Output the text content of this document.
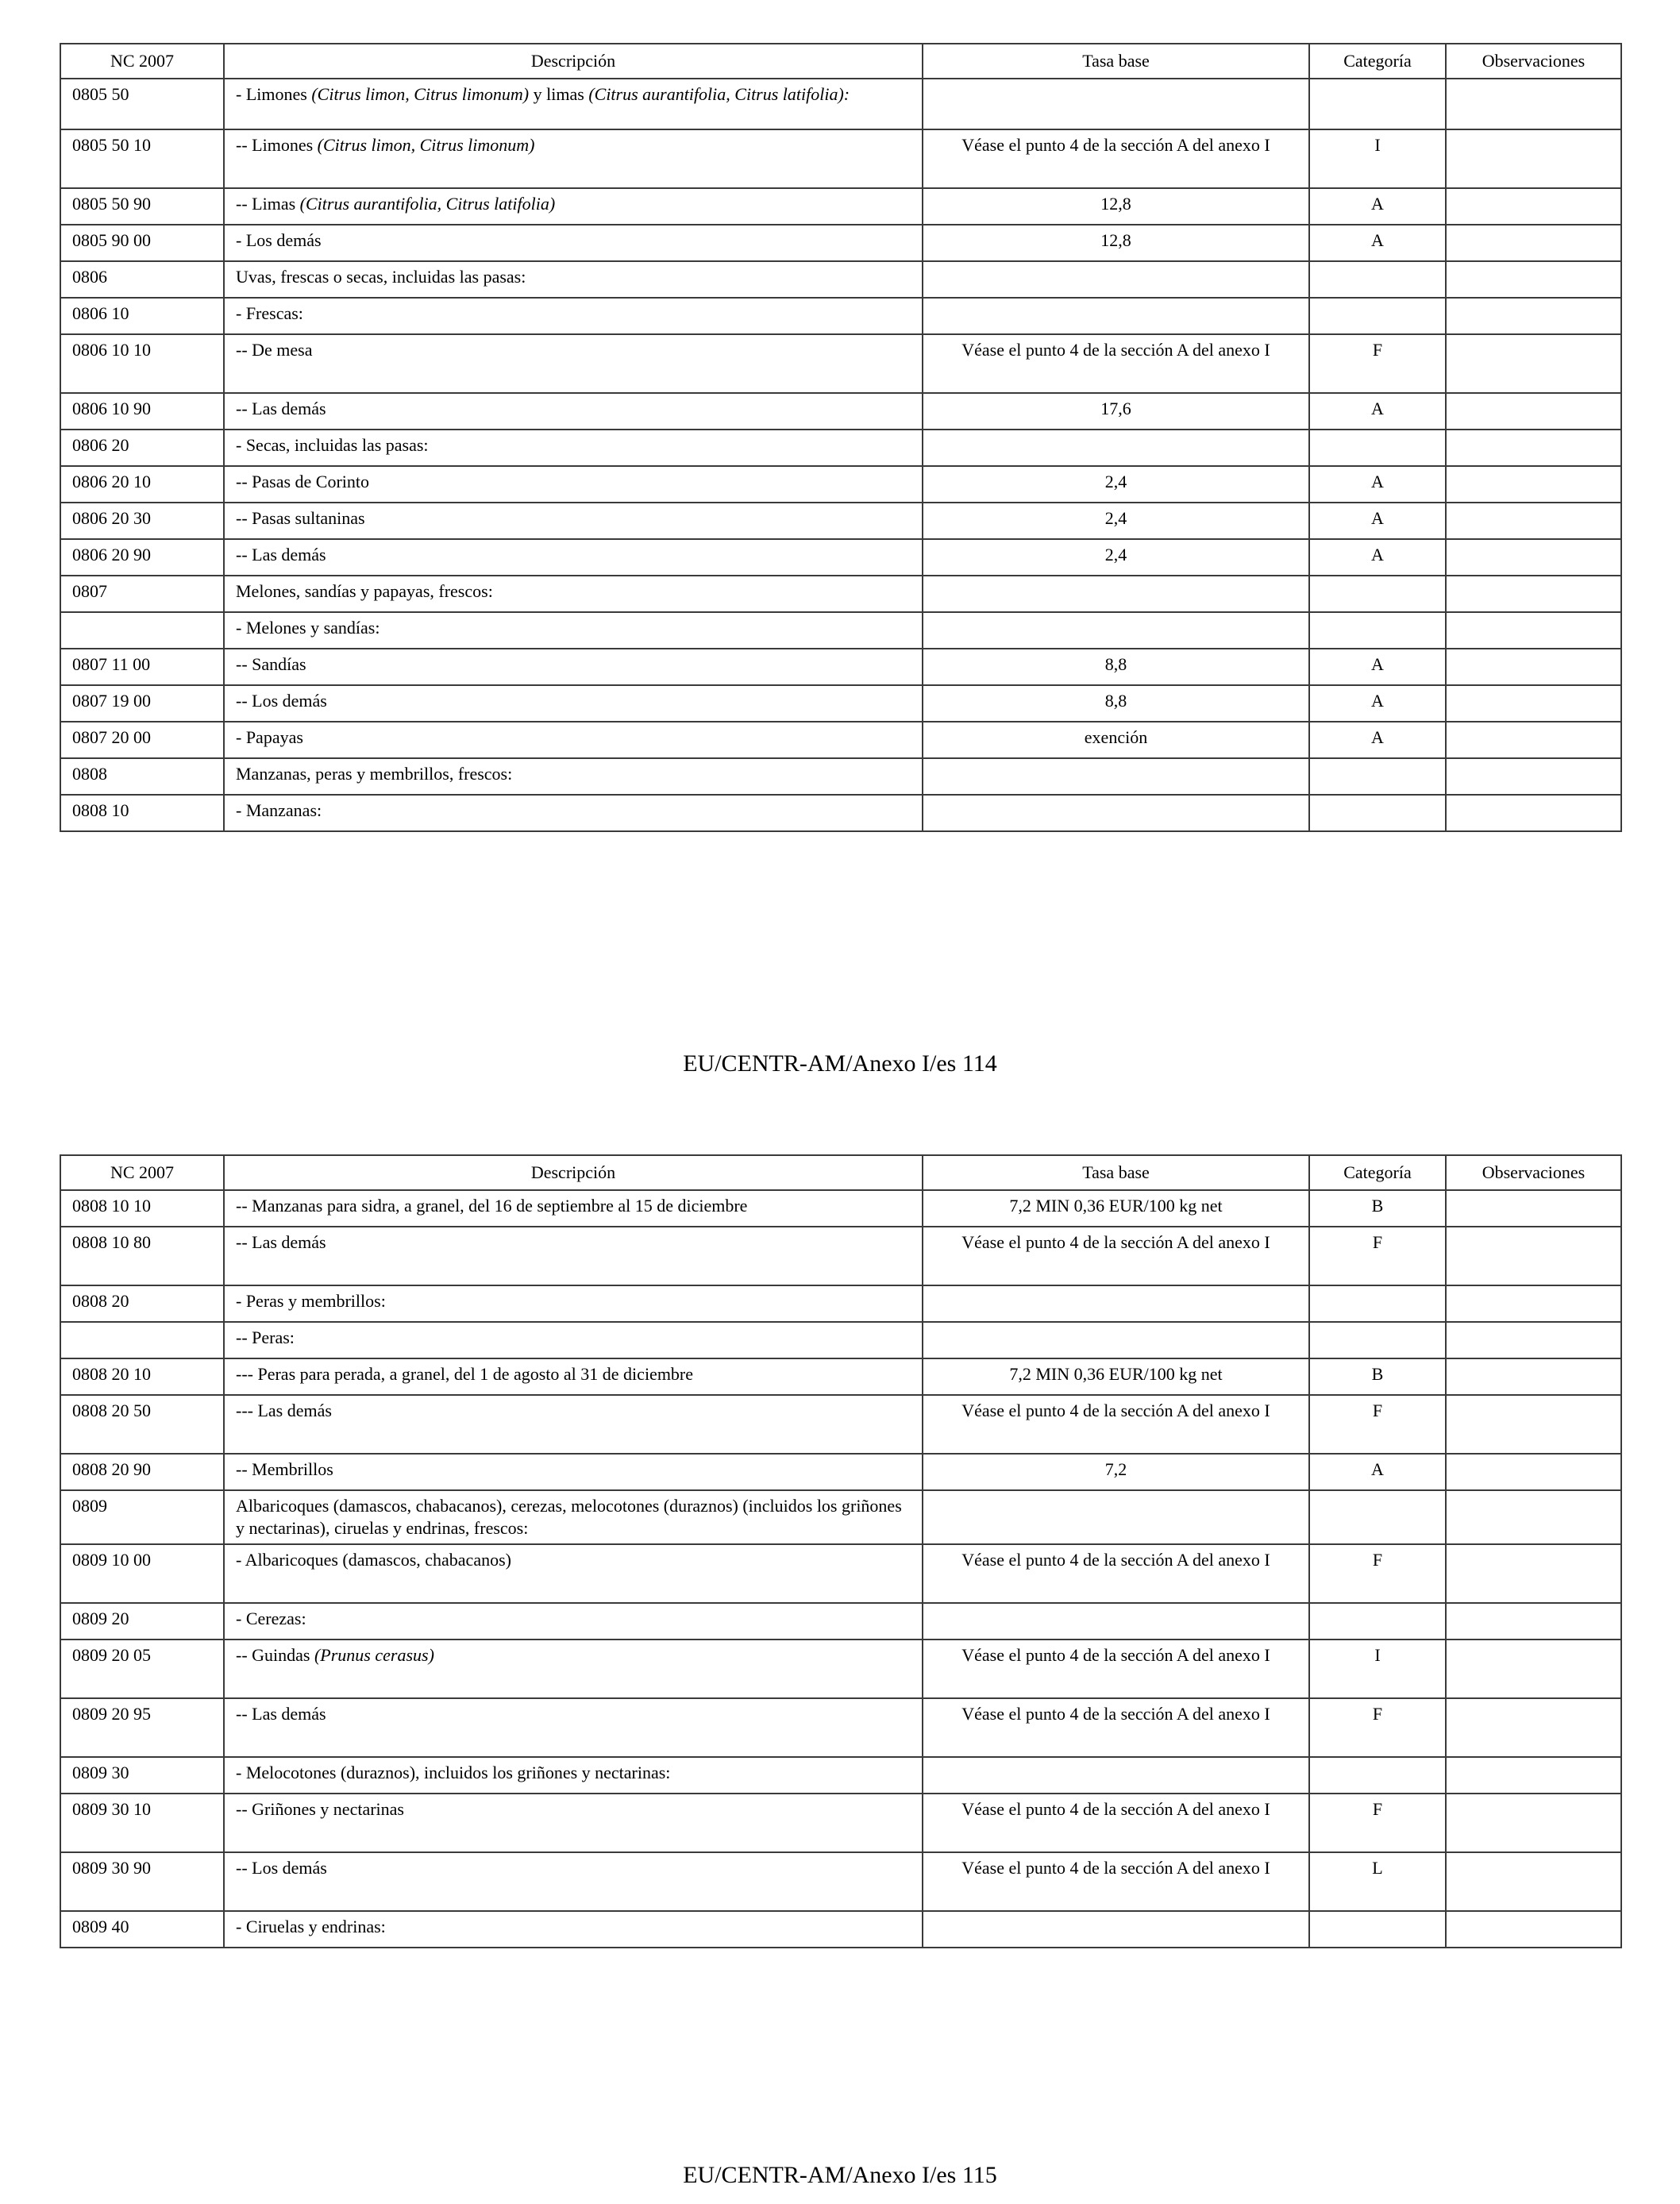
NC 2007	Descripción	Tasa base	Categoría	Observaciones
0805 50	- Limones (Citrus limon, Citrus limonum) y limas (Citrus aurantifolia, Citrus latifolia):			
0805 50 10	-- Limones (Citrus limon, Citrus limonum)	Véase el punto 4 de la sección A del anexo I	I	
0805 50 90	-- Limas (Citrus aurantifolia, Citrus latifolia)	12,8	A	
0805 90 00	- Los demás	12,8	A	
0806	Uvas, frescas o secas, incluidas las pasas:			
0806 10	- Frescas:			
0806 10 10	-- De mesa	Véase el punto 4 de la sección A del anexo I	F	
0806 10 90	-- Las demás	17,6	A	
0806 20	- Secas, incluidas las pasas:			
0806 20 10	-- Pasas de Corinto	2,4	A	
0806 20 30	-- Pasas sultaninas	2,4	A	
0806 20 90	-- Las demás	2,4	A	
0807	Melones, sandías y papayas, frescos:			
	- Melones y sandías:			
0807 11 00	-- Sandías	8,8	A	
0807 19 00	-- Los demás	8,8	A	
0807 20 00	- Papayas	exención	A	
0808	Manzanas, peras y membrillos, frescos:			
0808 10	- Manzanas:			
EU/CENTR-AM/Anexo I/es 114
NC 2007	Descripción	Tasa base	Categoría	Observaciones
0808 10 10	-- Manzanas para sidra, a granel, del 16 de septiembre al 15 de diciembre	7,2 MIN 0,36 EUR/100 kg net	B	
0808 10 80	-- Las demás	Véase el punto 4 de la sección A del anexo I	F	
0808 20	- Peras y membrillos:			
	-- Peras:			
0808 20 10	--- Peras para perada, a granel, del 1 de agosto al 31 de diciembre	7,2 MIN 0,36 EUR/100 kg net	B	
0808 20 50	--- Las demás	Véase el punto 4 de la sección A del anexo I	F	
0808 20 90	-- Membrillos	7,2	A	
0809	Albaricoques (damascos, chabacanos), cerezas, melocotones (duraznos) (incluidos los griñones y nectarinas), ciruelas y endrinas, frescos:			
0809 10 00	- Albaricoques (damascos, chabacanos)	Véase el punto 4 de la sección A del anexo I	F	
0809 20	- Cerezas:			
0809 20 05	-- Guindas (Prunus cerasus)	Véase el punto 4 de la sección A del anexo I	I	
0809 20 95	-- Las demás	Véase el punto 4 de la sección A del anexo I	F	
0809 30	- Melocotones (duraznos), incluidos los griñones y nectarinas:			
0809 30 10	-- Griñones y nectarinas	Véase el punto 4 de la sección A del anexo I	F	
0809 30 90	-- Los demás	Véase el punto 4 de la sección A del anexo I	L	
0809 40	- Ciruelas y endrinas:			
EU/CENTR-AM/Anexo I/es 115
